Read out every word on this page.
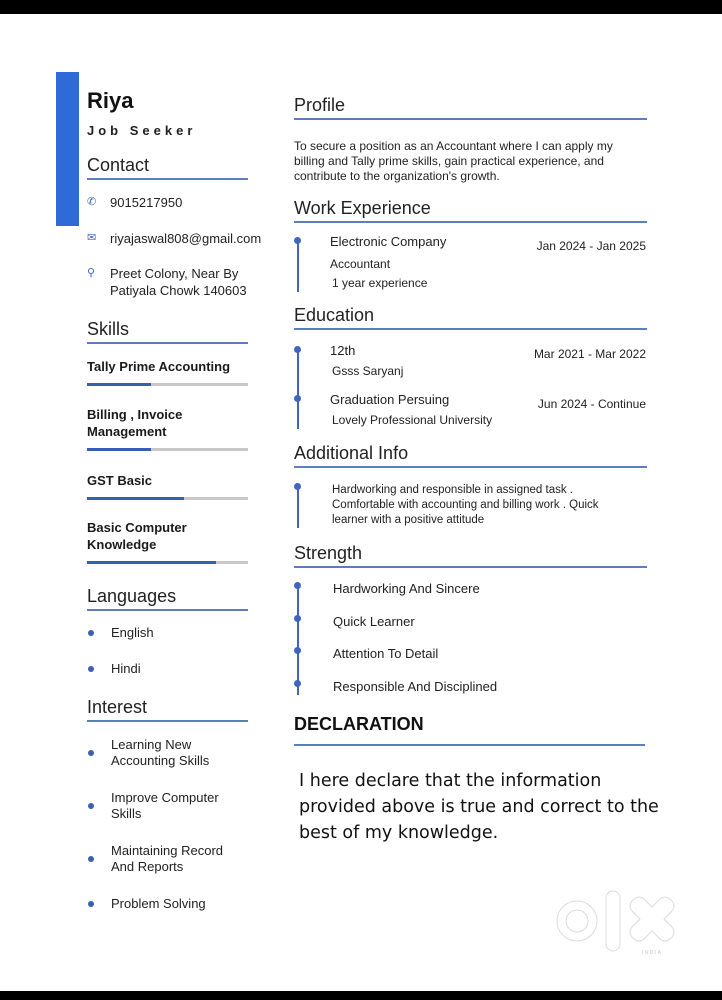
Riya
Job Seeker
Contact
✆	9015217950
✉	riyajaswal808@gmail.com
⚲	Preet Colony, Near By
Patiyala Chowk 140603
Skills
Tally Prime Accounting
Billing , Invoice
Management
GST Basic
Basic Computer
Knowledge
Languages
English
Hindi
Interest
Learning New
Accounting Skills
Improve Computer
Skills
Maintaining Record
And Reports
Problem Solving
Profile
To secure a position as an Accountant where I can apply my
billing and Tally prime skills, gain practical experience, and
contribute to the organization's growth.
Work Experience
Electronic Company	Jan 2024 - Jan 2025
Accountant
1 year experience
Education
12th	Mar 2021 - Mar 2022
Gsss Saryanj
Graduation Persuing	Jun 2024 - Continue
Lovely Professional University
Additional Info
Hardworking and responsible in assigned task .
Comfortable with accounting and billing work . Quick
learner with a positive attitude
Strength
Hardworking And Sincere
Quick Learner
Attention To Detail
Responsible And Disciplined
DECLARATION
I here declare that the information
provided above is true and correct to the
best of my knowledge.
INDIA
